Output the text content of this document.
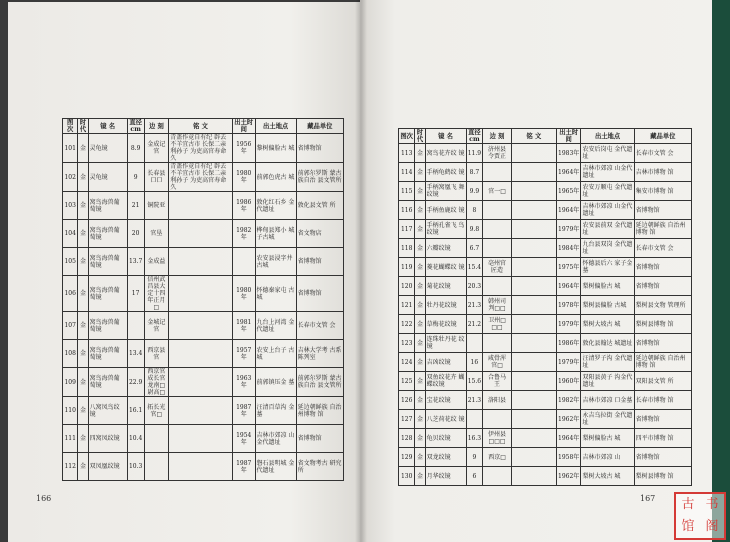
图次	时代	镜 名	直径 cm	边 刻	铭 文	出土时间	出土地点	藏品单位
101	金	灵龟镜	8.9	金成记官	青盖作竟自有纪 辟去不羊宜古市 长保二亲利孙子 为吏高官寿命久	1956年	黎树偏脸古 城	省博物馆
102	金	灵龟镜	9	长春县口口	青盖作竟自有纪 辟去不羊宜古市 长保二亲利孙子 为吏高官寿命久	1980年	前郭色虎古 城	前郭尔罗斯 蒙古族自治 县文管所
103	金	窝鸟海兽葡 萄镜	21	铜院亚		1986年	敦化红石乡 金代遗址	敦化县文管 所
104	金	窝鸟海兽葡 萄镜	20	官垦		1982年	桦甸县郑小 城子古城	省文物店
105	金	窝鸟海兽葡 萄镜	13.7	金成益			农安县浸字井 古城	省博物馆
106	金	窝鸟海兽葡 萄镜	17	信州武 昌县大 定十四 年正月□		1980年	怀德秦家屯 古城	省博物馆
107	金	窝鸟海兽葡 萄镜		金城记 官		1981年	九台上河湾 金代遗址	长春市文管 会
108	金	窝鸟海兽葡 萄镜	13.4	西京县 官		1957年	农安上台子 古城	吉林大学考 古系陈列室
109	金	窝鸟海兽葡 萄镜	22.9	西京官 成长官 龙南□ 尉高□		1963年	前郭镇压金 墓	前郭尔罗斯 蒙古族自治 县文管所
110	金	八窝凤鸟纹 镜	16.1	拓长光 官□		1987年	汪清百草沟 金墓	延边朝鲜族 自治州博物 馆
111	金	四窝凤纹镜	10.4			1954年	吉林市郊凉 山金代遗址	省博物馆
112	金	双凤凰纹镜	10.3			1987年	磐石县明城 金代遗址	省文物考古 研究所
166
图次	时代	镜 名	直径 cm	边 刻	铭 文	出土时间	出土地点	藏品单位
113	金	窝鸟花卉纹 镜	11.9	济州县 令贾正		1983年	农安后岗屯 金代遗址	长春市文管 会
114	金	手柄龟鹤纹 镜	8.7			1964年	吉林市郊凉 山金代遗址	吉林市博物 馆
115	金	手柄窝凰飞 舞纹镜	9.9	官一□		1965年	农安万顺屯 金代遗址	集安市博物 馆
116	金	手柄鱼鹿纹 镜	8			1964年	吉林市郊凉 山金代遗址	省博物馆
117	金	手柄孔雀飞 鸟纹镜	9.8			1979年	农安县前双 金代遗址	延边朝鲜族 自治州博物 馆
118	金	六瓣纹镜	6.7			1984年	九台县双岗 金代遗址	长春市文管 会
119	金	菱花蝴蝶纹 镜	15.4	亳州官 匠造		1975年	怀德县后六 家子金墓	省博物馆
120	金	菊花纹镜	20.3			1964年	梨树偏脸古 城	省博物馆
121	金	牡丹花纹镜	21.3	韩州司 判□□		1978年	梨树县偏脸 古城	梨树县文物 管理所
122	金	草梅花纹镜	21.2	卫州□ □□		1979年	梨树大坡古 城	梨树县博物 馆
123	金	连珠牡丹花 纹镜				1986年	敦化县翰达 城遗址	省博物馆
124	金	吉凶纹镜	16	咸骨浑 官□		1979年	汪清罗子沟 金代遗址	延边朝鲜族 自治州博物 馆
125	金	双鱼纹花卉 蝴蝶纹镜	15.6	合鲁马 王		1960年	双阳县黄子 沟金代遗址	双阳县文管 所
126	金	宝花纹镜	21.3	洛阳县		1982年	吉林市郊凉 口金墓	长春市博物 馆
127	金	八芝荷花纹 镜				1962年	永吉乌拉街 金代遗址	省博物馆
128	金	龟贝纹镜	16.3	伊州县 □□□		1964年	梨树偏脸古 城	四平市博物 馆
129	金	双龙纹镜	9	西京□		1958年	吉林市郊凉 山	省博物馆
130	金	月华纹镜	6			1962年	梨树大坡古 城	梨树县博物 馆
167	古 书
馆 阁
